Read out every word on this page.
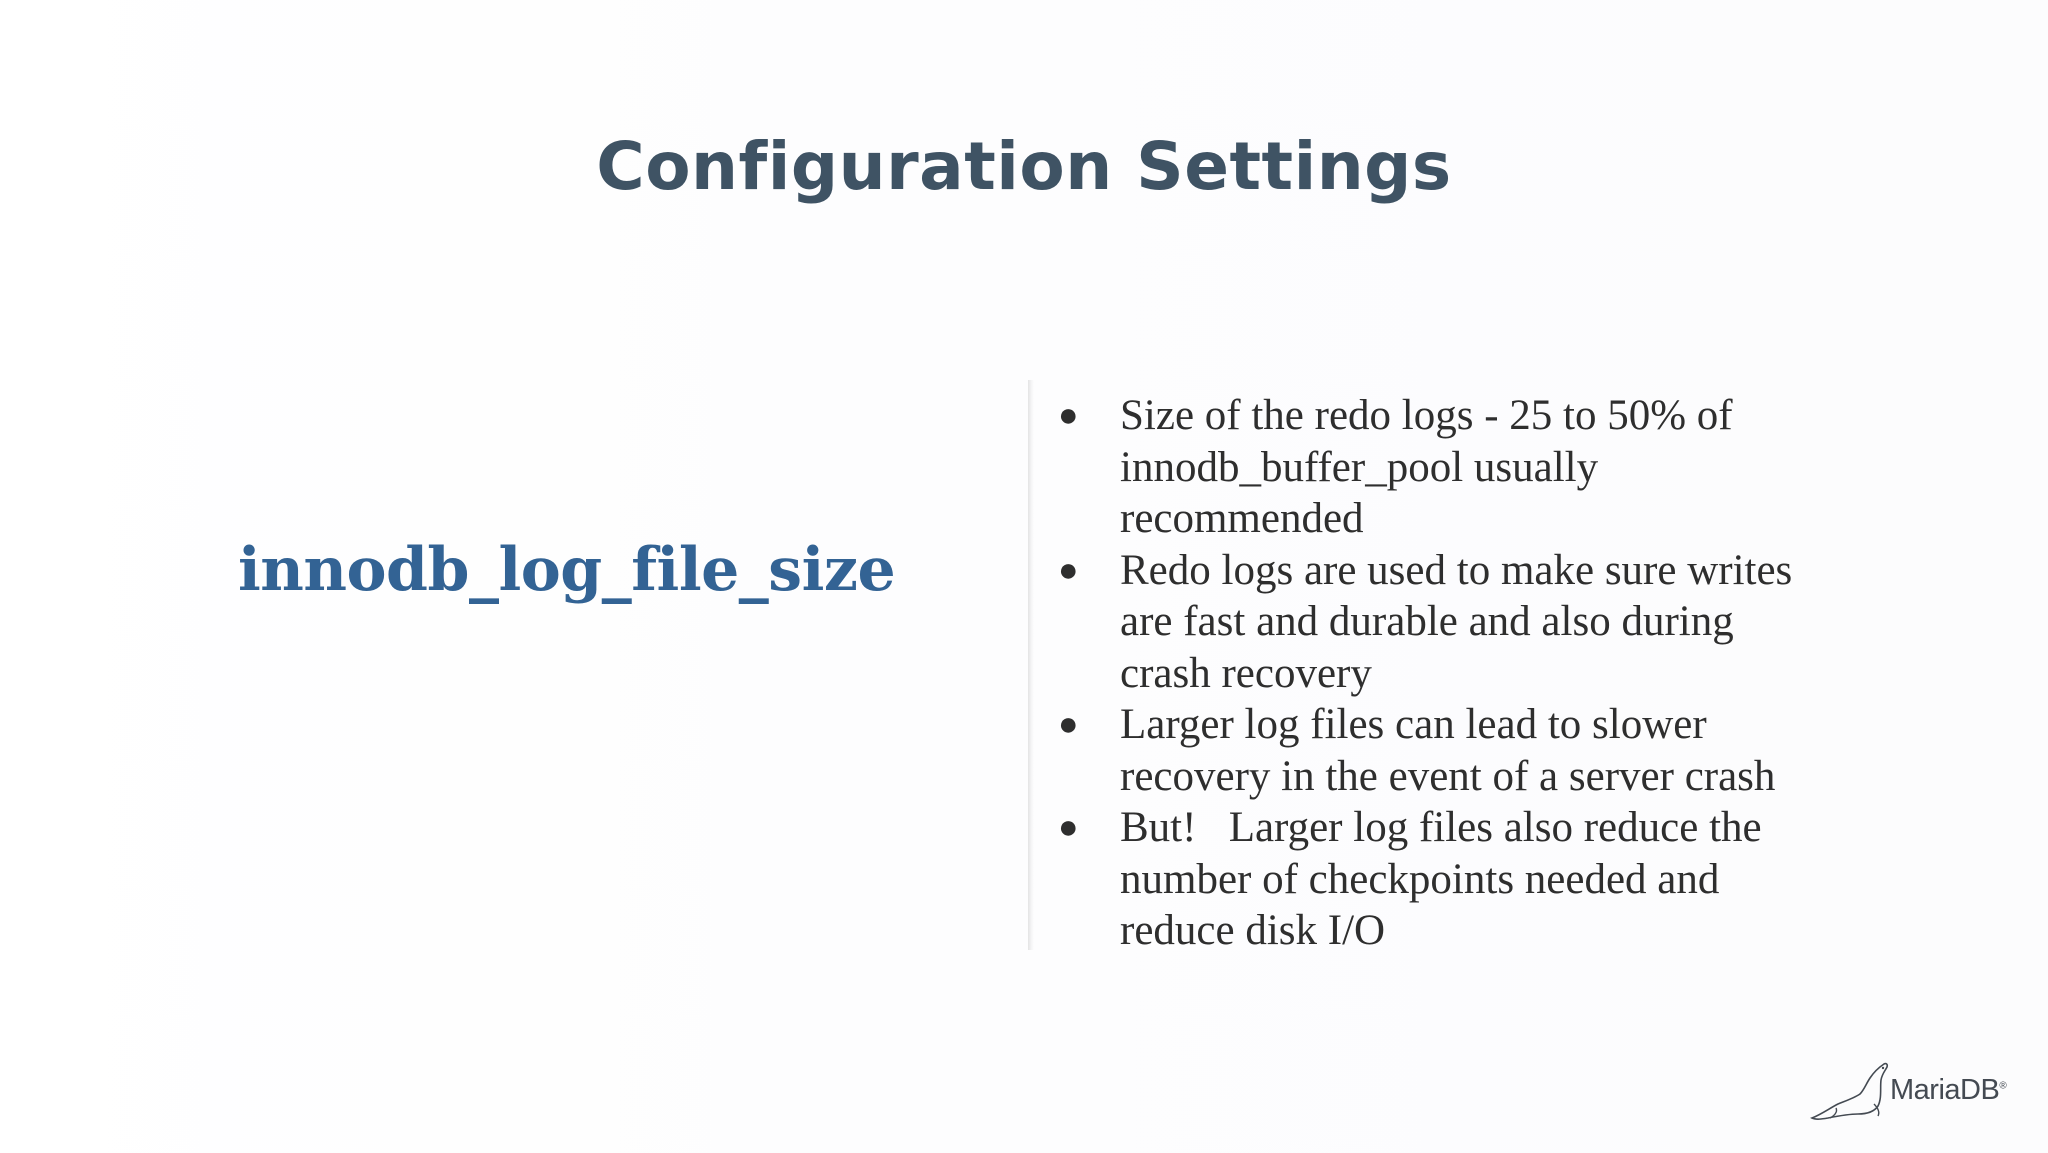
Configuration Settings
innodb_log_file_size
● Size of the redo logs - 25 to 50% of
innodb_buffer_pool usually
recommended
● Redo logs are used to make sure writes
are fast and durable and also during
crash recovery
● Larger log files can lead to slower
recovery in the event of a server crash
● But!   Larger log files also reduce the
number of checkpoints needed and
reduce disk I/O
MariaDB®
